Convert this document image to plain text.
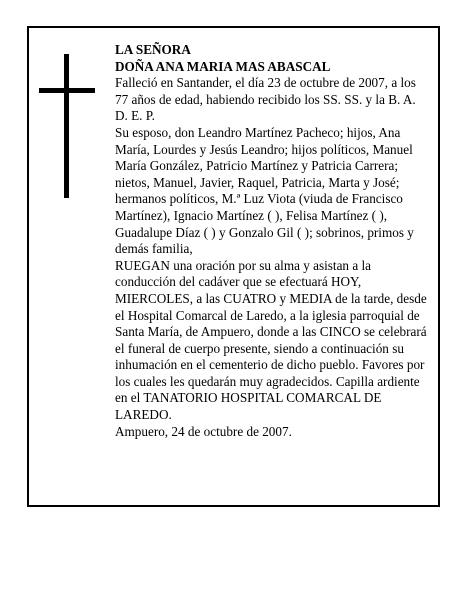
LA SEÑORA

DOÑA ANA MARIA MAS ABASCAL

Falleció en Santander, el día 23 de octubre de 2007, a los 77 años de edad, habiendo recibido los SS. SS. y la B. A.

D. E. P.

Su esposo, don Leandro Martínez Pacheco; hijos, Ana María, Lourdes y Jesús Leandro; hijos políticos, Manuel María González, Patricio Martínez y Patricia Carrera; nietos, Manuel, Javier, Raquel, Patricia, Marta y José; hermanos políticos, M.ª Luz Viota (viuda de Francisco Martínez), Ignacio Martínez ( ), Felisa Martínez ( ), Guadalupe Díaz ( ) y Gonzalo Gil ( ); sobrinos, primos y demás familia,

RUEGAN una oración por su alma y asistan a la conducción del cadáver que se efectuará HOY, MIERCOLES, a las CUATRO y MEDIA de la tarde, desde el Hospital Comarcal de Laredo, a la iglesia parroquial de Santa María, de Ampuero, donde a las CINCO se celebrará el funeral de cuerpo presente, siendo a continuación su inhumación en el cementerio de dicho pueblo. Favores por los cuales les quedarán muy agradecidos. Capilla ardiente en el TANATORIO HOSPITAL COMARCAL DE LAREDO.

Ampuero, 24 de octubre de 2007.
